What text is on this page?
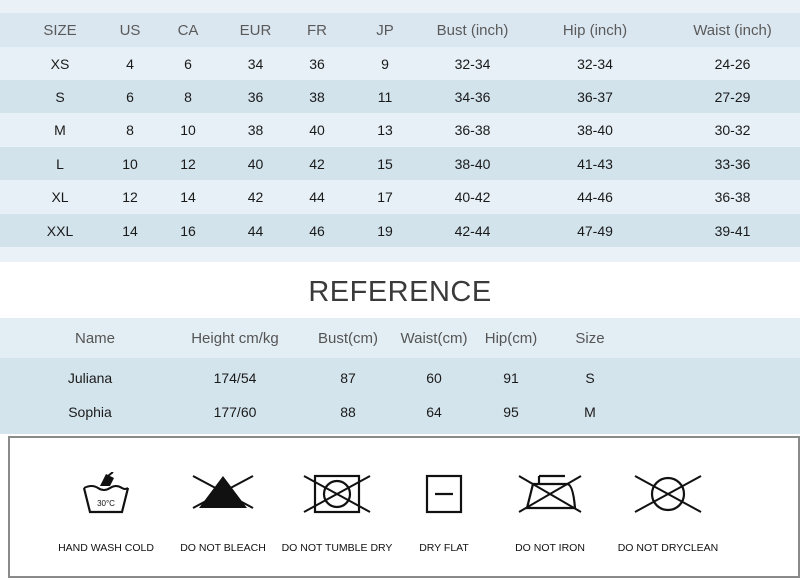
SIZE	US	CA	EUR	FR	JP	Bust (inch)	Hip (inch)	Waist (inch)
XS	4	6	34	36	9	32-34	32-34	24-26
S	6	8	36	38	11	34-36	36-37	27-29
M	8	10	38	40	13	36-38	38-40	30-32
L	10	12	40	42	15	38-40	41-43	33-36
XL	12	14	42	44	17	40-42	44-46	36-38
XXL	14	16	44	46	19	42-44	47-49	39-41
REFERENCE
Name	Height cm/kg	Bust(cm)	Waist(cm)	Hip(cm)	Size
Juliana	174/54	87	60	91	S
Sophia	177/60	88	64	95	M
30°C
HAND WASH COLD	DO NOT BLEACH DO NOT TUMBLE DRY	DRY FLAT	DO NOT IRON	DO NOT DRYCLEAN
